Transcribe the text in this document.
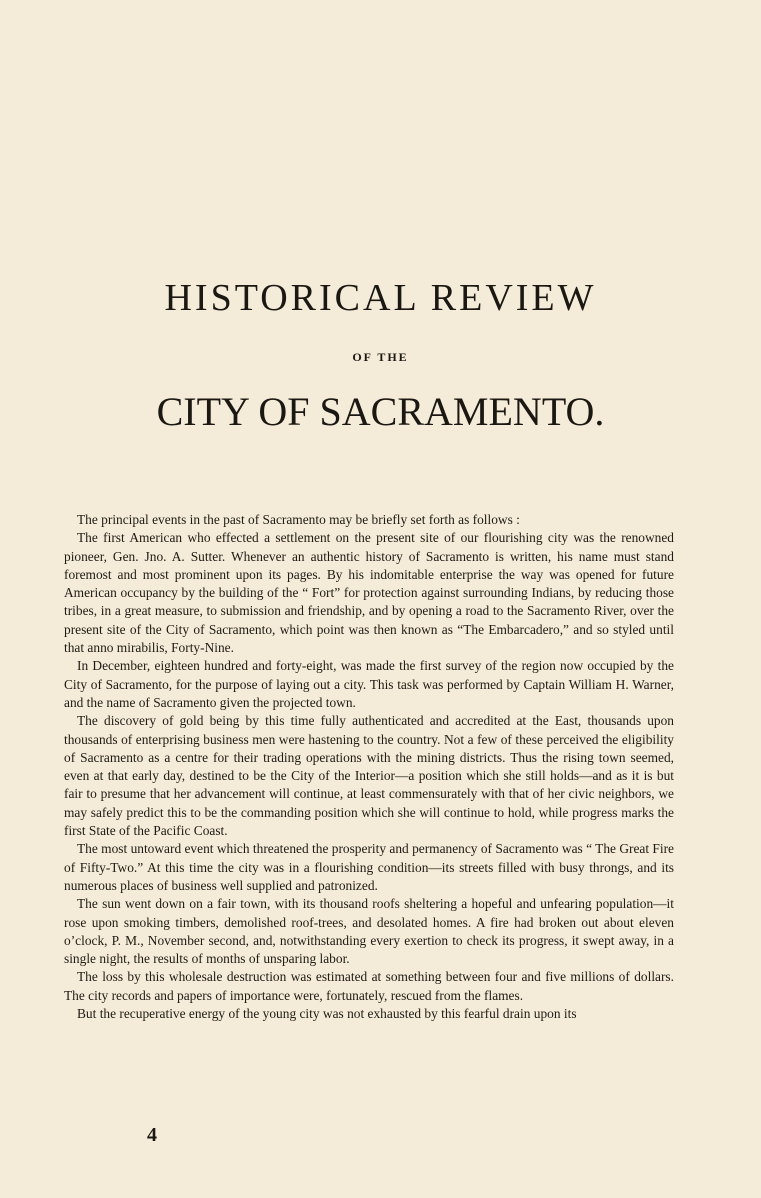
HISTORICAL REVIEW
OF THE
CITY OF SACRAMENTO.

The principal events in the past of Sacramento may be briefly set forth as follows :

The first American who effected a settlement on the present site of our flourishing city was the renowned pioneer, Gen. Jno. A. Sutter. Whenever an authentic history of Sacramento is written, his name must stand foremost and most prominent upon its pages. By his indomitable enterprise the way was opened for future American occupancy by the building of the “ Fort” for protection against surrounding Indians, by reducing those tribes, in a great measure, to submission and friendship, and by opening a road to the Sacramento River, over the present site of the City of Sacramento, which point was then known as “The Embarcadero,” and so styled until that anno mirabilis, Forty-Nine.

In December, eighteen hundred and forty-eight, was made the first survey of the region now occupied by the City of Sacramento, for the purpose of laying out a city. This task was performed by Captain William H. Warner, and the name of Sacramento given the projected town.

The discovery of gold being by this time fully authenticated and accredited at the East, thousands upon thousands of enterprising business men were hastening to the country. Not a few of these perceived the eligibility of Sacramento as a centre for their trading operations with the mining districts. Thus the rising town seemed, even at that early day, destined to be the City of the Interior—a position which she still holds—and as it is but fair to presume that her advancement will continue, at least commensurately with that of her civic neighbors, we may safely predict this to be the commanding position which she will continue to hold, while progress marks the first State of the Pacific Coast.

The most untoward event which threatened the prosperity and permanency of Sacramento was “ The Great Fire of Fifty-Two.” At this time the city was in a flourishing condition—its streets filled with busy throngs, and its numerous places of business well supplied and patronized.

The sun went down on a fair town, with its thousand roofs sheltering a hopeful and unfearing population—it rose upon smoking timbers, demolished roof-trees, and desolated homes. A fire had broken out about eleven o’clock, P. M., November second, and, notwithstanding every exertion to check its progress, it swept away, in a single night, the results of months of unsparing labor.

The loss by this wholesale destruction was estimated at something between four and five millions of dollars. The city records and papers of importance were, fortunately, rescued from the flames.

But the recuperative energy of the young city was not exhausted by this fearful drain upon its

4
